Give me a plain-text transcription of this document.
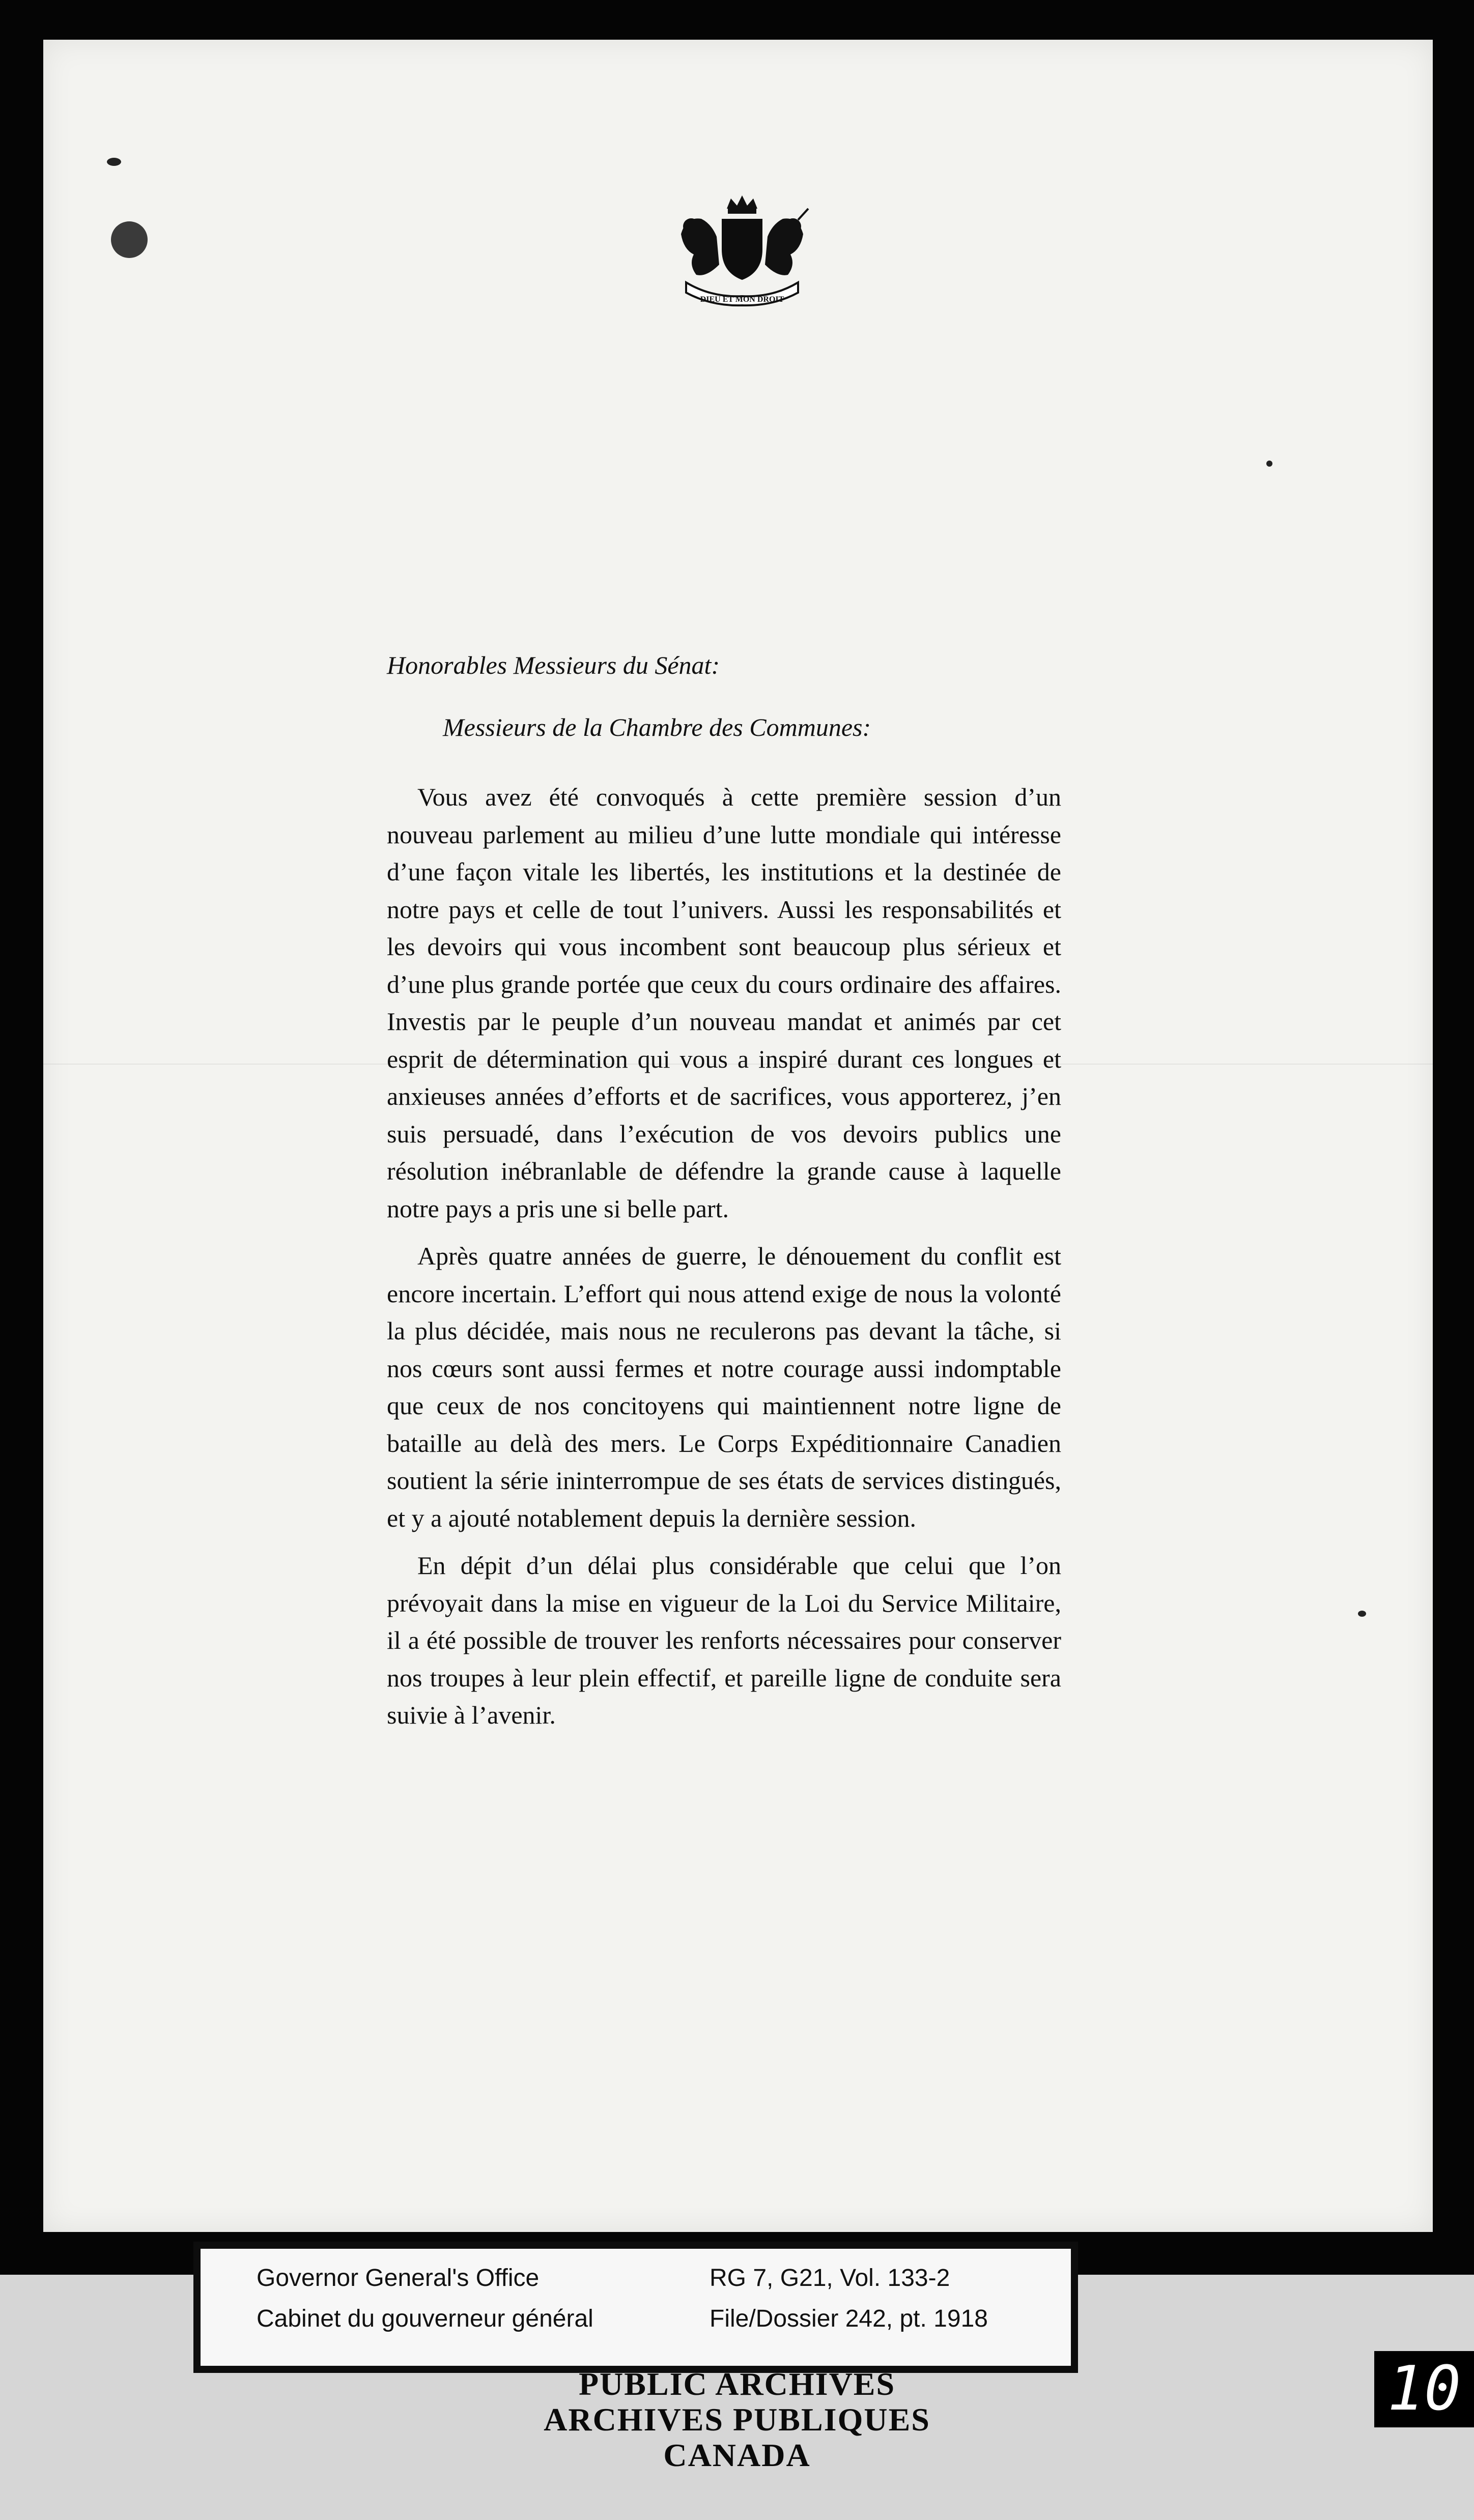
DIEU ET MON DROIT
Honorables Messieurs du Sénat:
Messieurs de la Chambre des Communes:

Vous avez été convoqués à cette première session d’un nouveau parlement au milieu d’une lutte mondiale qui intéresse d’une façon vitale les libertés, les institutions et la destinée de notre pays et celle de tout l’univers. Aussi les responsabilités et les devoirs qui vous incombent sont beaucoup plus sérieux et d’une plus grande portée que ceux du cours ordinaire des affaires. Investis par le peuple d’un nouveau mandat et animés par cet esprit de détermination qui vous a inspiré durant ces longues et anxieuses années d’efforts et de sacrifices, vous apporterez, j’en suis persuadé, dans l’exécution de vos devoirs publics une résolution inébranlable de défendre la grande cause à laquelle notre pays a pris une si belle part.

Après quatre années de guerre, le dénouement du conflit est encore incertain. L’effort qui nous attend exige de nous la volonté la plus décidée, mais nous ne reculerons pas devant la tâche, si nos cœurs sont aussi fermes et notre courage aussi indomptable que ceux de nos concitoyens qui maintiennent notre ligne de bataille au delà des mers. Le Corps Expéditionnaire Canadien soutient la série ininterrompue de ses états de services distingués, et y a ajouté notablement depuis la dernière session.

En dépit d’un délai plus considérable que celui que l’on prévoyait dans la mise en vigueur de la Loi du Service Militaire, il a été possible de trouver les renforts nécessaires pour conserver nos troupes à leur plein effectif, et pareille ligne de conduite sera suivie à l’avenir.

Governor General's Office
Cabinet du gouverneur général
RG 7, G21, Vol. 133-2
File/Dossier 242, pt. 1918
PUBLIC ARCHIVES
ARCHIVES PUBLIQUES
CANADA
10
